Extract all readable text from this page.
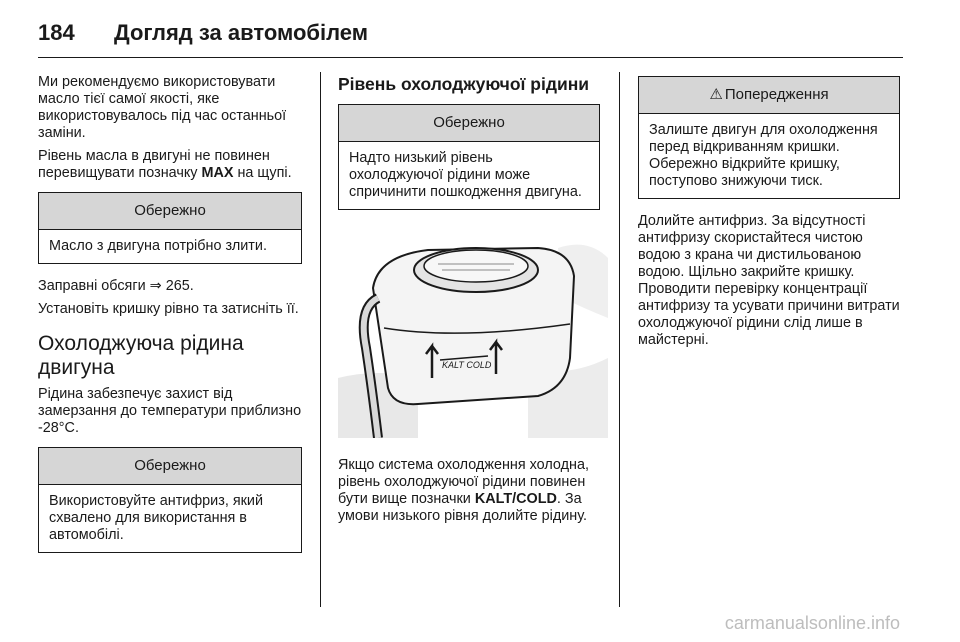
184 Догляд за автомобілем

Ми рекомендуємо використовувати масло тієї самої якості, яке використовувалось під час останньої заміни.

Рівень масла в двигуні не повинен перевищувати позначку MAX на щупі.

Обережно
Масло з двигуна потрібно злити.

Заправні обсяги ⇒ 265.

Установіть кришку рівно та затисніть її.

Охолоджуюча рідина двигуна

Рідина забезпечує захист від замерзання до температури приблизно -28°C.

Обережно
Використовуйте антифриз, який схвалено для використання в автомобілі.
Рівень охолоджуючої рідини
Обережно
Надто низький рівень охолоджуючої рідини може спричинити пошкодження двигуна.
KALT COLD

Якщо система охолодження холодна, рівень охолоджуючої рідини повинен бути вище позначки KALT/COLD. За умови низького рівня долийте рідину.

⚠ Попередження
Залиште двигун для охолодження перед відкриванням кришки. Обережно відкрийте кришку, поступово знижуючи тиск.

Долийте антифриз. За відсутності антифризу скористайтеся чистою водою з крана чи дистильованою водою. Щільно закрийте кришку. Проводити перевірку концентрації антифризу та усувати причини витрати охолоджуючої рідини слід лише в майстерні.

carmanualsonline.info
